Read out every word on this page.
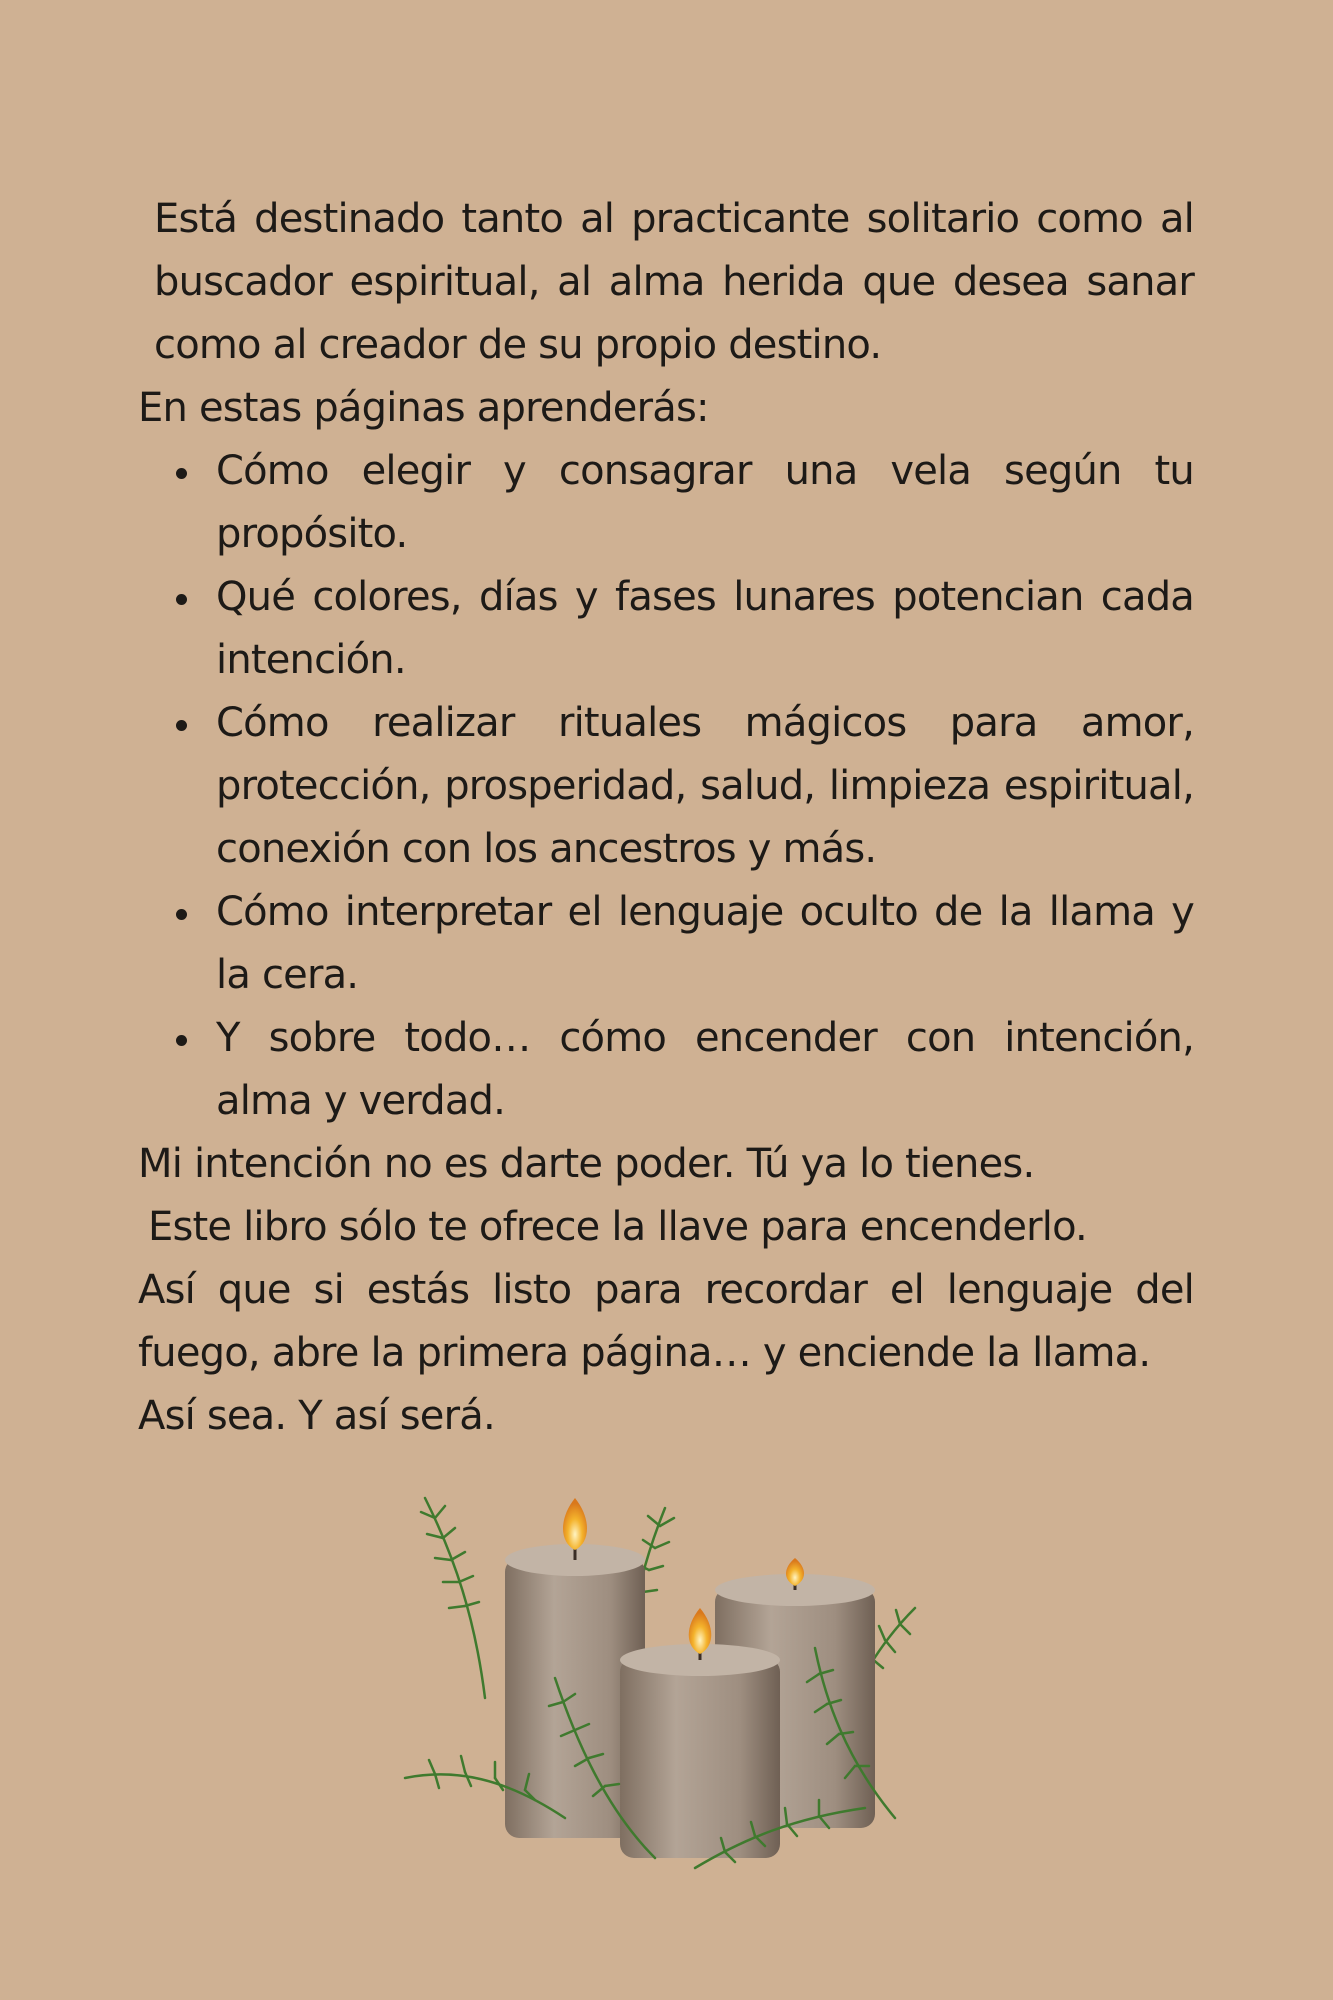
Está destinado tanto al practicante solitario como al buscador espiritual, al alma herida que desea sanar como al creador de su propio destino.

En estas páginas aprenderás:

Cómo elegir y consagrar una vela según tu propósito.
Qué colores, días y fases lunares potencian cada intención.
Cómo realizar rituales mágicos para amor, protección, prosperidad, salud, limpieza espiritual, conexión con los ancestros y más.
Cómo interpretar el lenguaje oculto de la llama y la cera.
Y sobre todo… cómo encender con intención, alma y verdad.

Mi intención no es darte poder. Tú ya lo tienes.

Este libro sólo te ofrece la llave para encenderlo.

Así que si estás listo para recordar el lenguaje del fuego, abre la primera página… y enciende la llama.

Así sea. Y así será.
